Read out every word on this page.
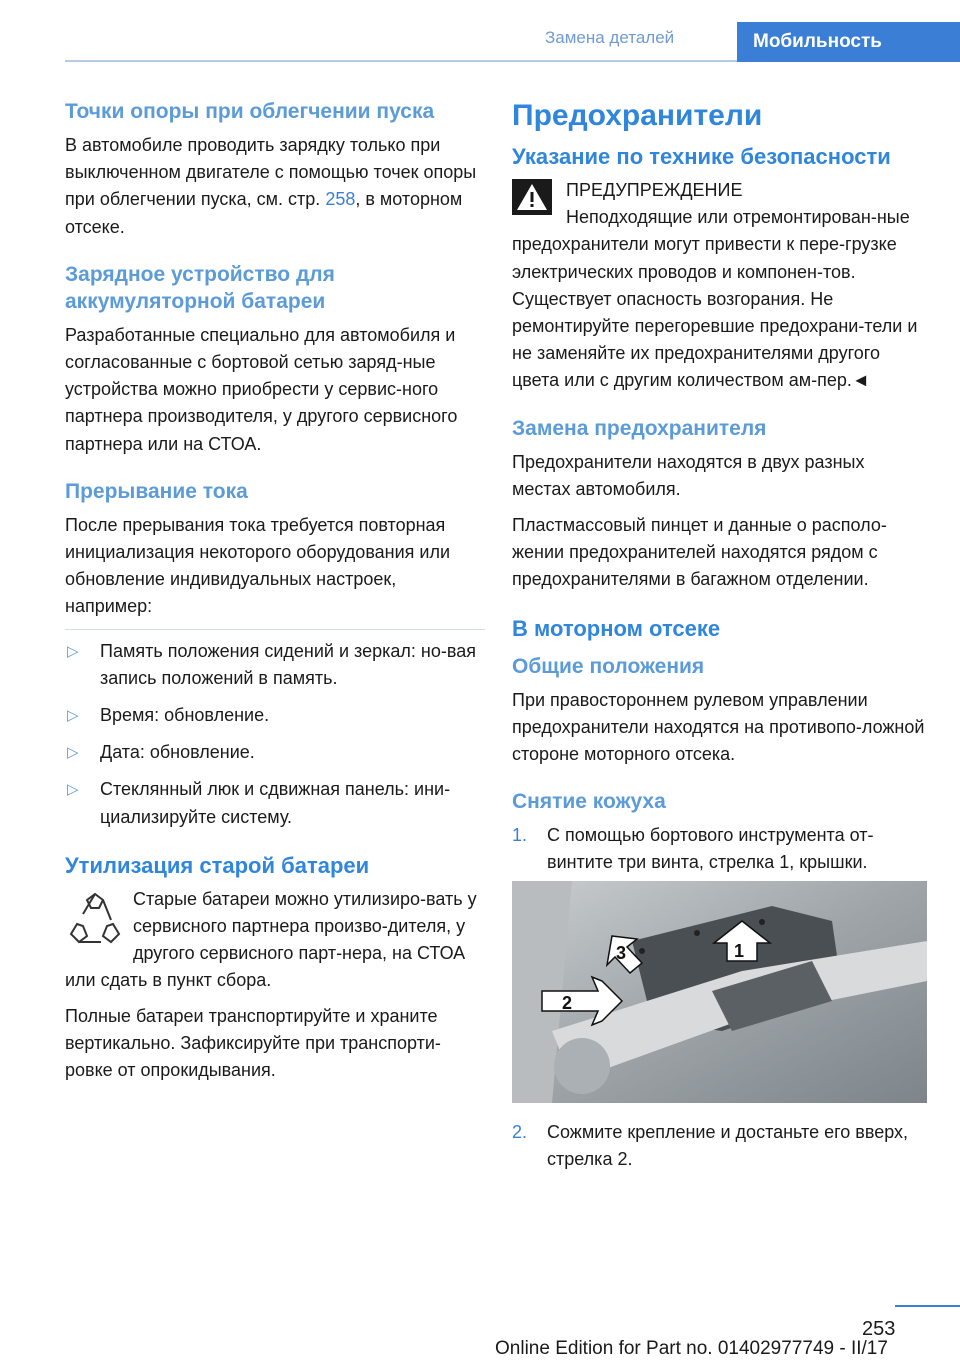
Замена деталей	Мобильность
Точки опоры при облегчении пуска

В автомобиле проводить зарядку только при выключенном двигателе с помощью точек опоры при облегчении пуска, см. стр. 258, в моторном отсеке.

Зарядное устройство для аккумуляторной батареи

Разработанные специально для автомобиля и согласованные с бортовой сетью заряд-ные устройства можно приобрести у сервис-ного партнера производителя, у другого сервисного партнера или на СТОА.

Прерывание тока

После прерывания тока требуется повторная инициализация некоторого оборудования или обновление индивидуальных настроек, например:

▷ Память положения сидений и зеркал: но-вая запись положений в память.
▷ Время: обновление.
▷ Дата: обновление.
▷ Стеклянный люк и сдвижная панель: ини-циализируйте систему.
Утилизация старой батареи

Старые батареи можно утилизиро-вать у сервисного партнера произво-дителя, у другого сервисного парт-нера, на СТОА или сдать в пункт сбора.

Полные батареи транспортируйте и храните вертикально. Зафиксируйте при транспорти-ровке от опрокидывания.

Предохранители
Указание по технике безопасности

ПРЕДУПРЕЖДЕНИЕ

Неподходящие или отремонтирован-ные предохранители могут привести к пере-грузке электрических проводов и компонен-тов. Существует опасность возгорания. Не ремонтируйте перегоревшие предохрани-тели и не заменяйте их предохранителями другого цвета или с другим количеством ам-пер.◄

Замена предохранителя

Предохранители находятся в двух разных местах автомобиля.

Пластмассовый пинцет и данные о располо-жении предохранителей находятся рядом с предохранителями в багажном отделении.

В моторном отсеке
Общие положения

При правостороннем рулевом управлении предохранители находятся на противопо-ложной стороне моторного отсека.

Снятие кожуха
1. С помощью бортового инструмента от-винтите три винта, стрелка 1, крышки.
1
2
3
2. Сожмите крепление и достаньте его вверх, стрелка 2.
253
Online Edition for Part no. 01402977749 - II/17
